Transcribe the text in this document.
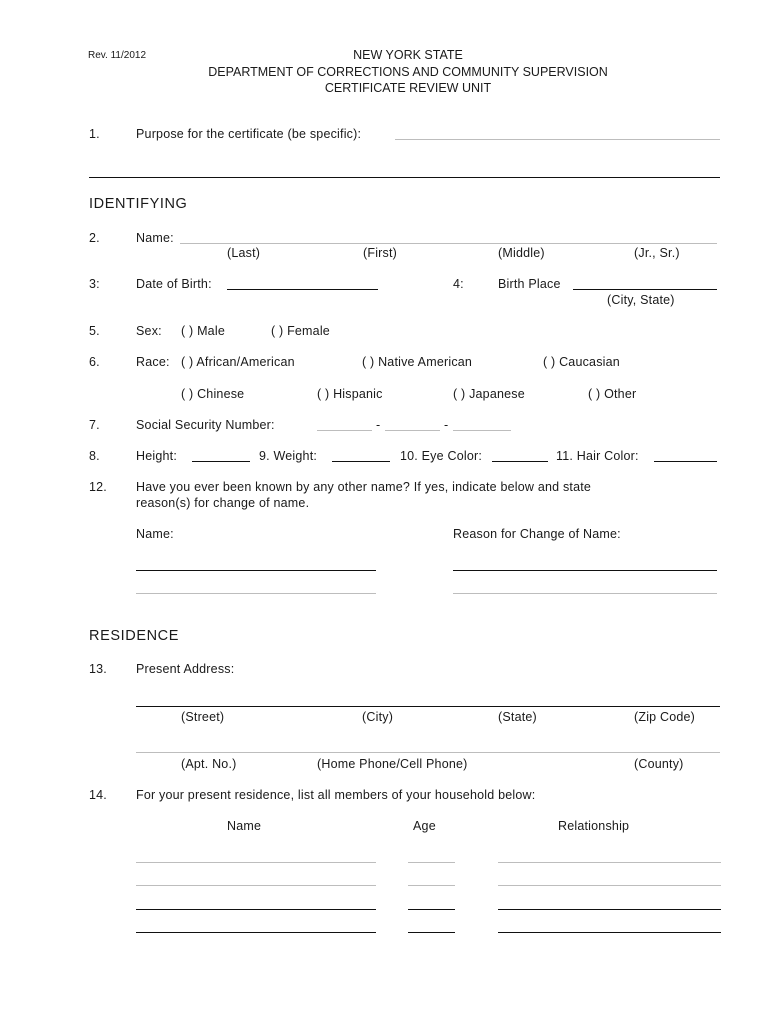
Rev. 11/2012	NEW YORK STATE
DEPARTMENT OF CORRECTIONS AND COMMUNITY SUPERVISION
CERTIFICATE REVIEW UNIT
1.	Purpose for the certificate (be specific):
IDENTIFYING
2.	Name:
(Last)	(First)	(Middle)	(Jr., Sr.)
3:	Date of Birth:	4:	Birth Place
(City, State)
5.	Sex: ( ) Male	( ) Female
6.	Race: ( ) African/American	( ) Native American	( ) Caucasian
( ) Chinese	( ) Hispanic	( ) Japanese	( ) Other
7.	Social Security Number:	-	-
8.	Height:	9. Weight:	10. Eye Color:	11. Hair Color:
12. Have you ever been known by any other name? If yes, indicate below and state
reason(s) for change of name.
Name:	Reason for Change of Name:
RESIDENCE
13. Present Address:
(Street)	(City)	(State)	(Zip Code)
(Apt. No.)	(Home Phone/Cell Phone)	(County)
14. For your present residence, list all members of your household below:
Name	Age	Relationship
